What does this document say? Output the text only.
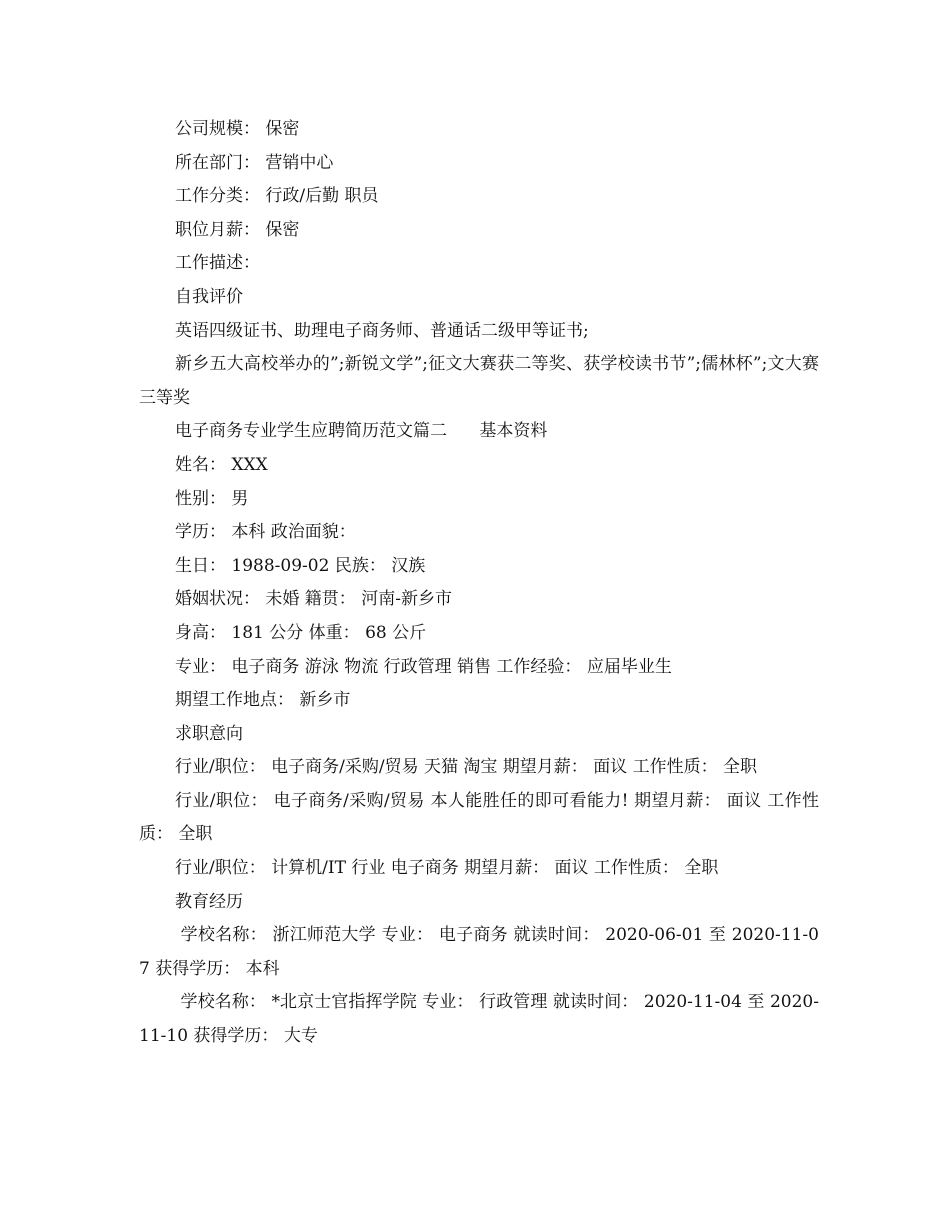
公司规模： 保密

所在部门： 营销中心

工作分类： 行政/后勤 职员

职位月薪： 保密

工作描述：

自我评价

英语四级证书、助理电子商务师、普通话二级甲等证书;

新乡五大高校举办的”;新锐文学”;征文大赛获二等奖、获学校读书节”;儒林杯”;文大赛三等奖

电子商务专业学生应聘简历范文篇二      基本资料

姓名： XXX

性别： 男

学历： 本科 政治面貌：

生日： 1988-09-02 民族： 汉族

婚姻状况： 未婚 籍贯： 河南-新乡市

身高： 181 公分 体重： 68 公斤

专业： 电子商务 游泳 物流 行政管理 销售 工作经验： 应届毕业生

期望工作地点： 新乡市

求职意向

行业/职位： 电子商务/采购/贸易 天猫 淘宝 期望月薪： 面议 工作性质： 全职

行业/职位： 电子商务/采购/贸易 本人能胜任的即可看能力! 期望月薪： 面议 工作性质： 全职

行业/职位： 计算机/IT 行业 电子商务 期望月薪： 面议 工作性质： 全职

教育经历

学校名称： 浙江师范大学 专业： 电子商务 就读时间： 2020-06-01 至 2020-11-07 获得学历： 本科

学校名称： *北京士官指挥学院 专业： 行政管理 就读时间： 2020-11-04 至 2020-11-10 获得学历： 大专
